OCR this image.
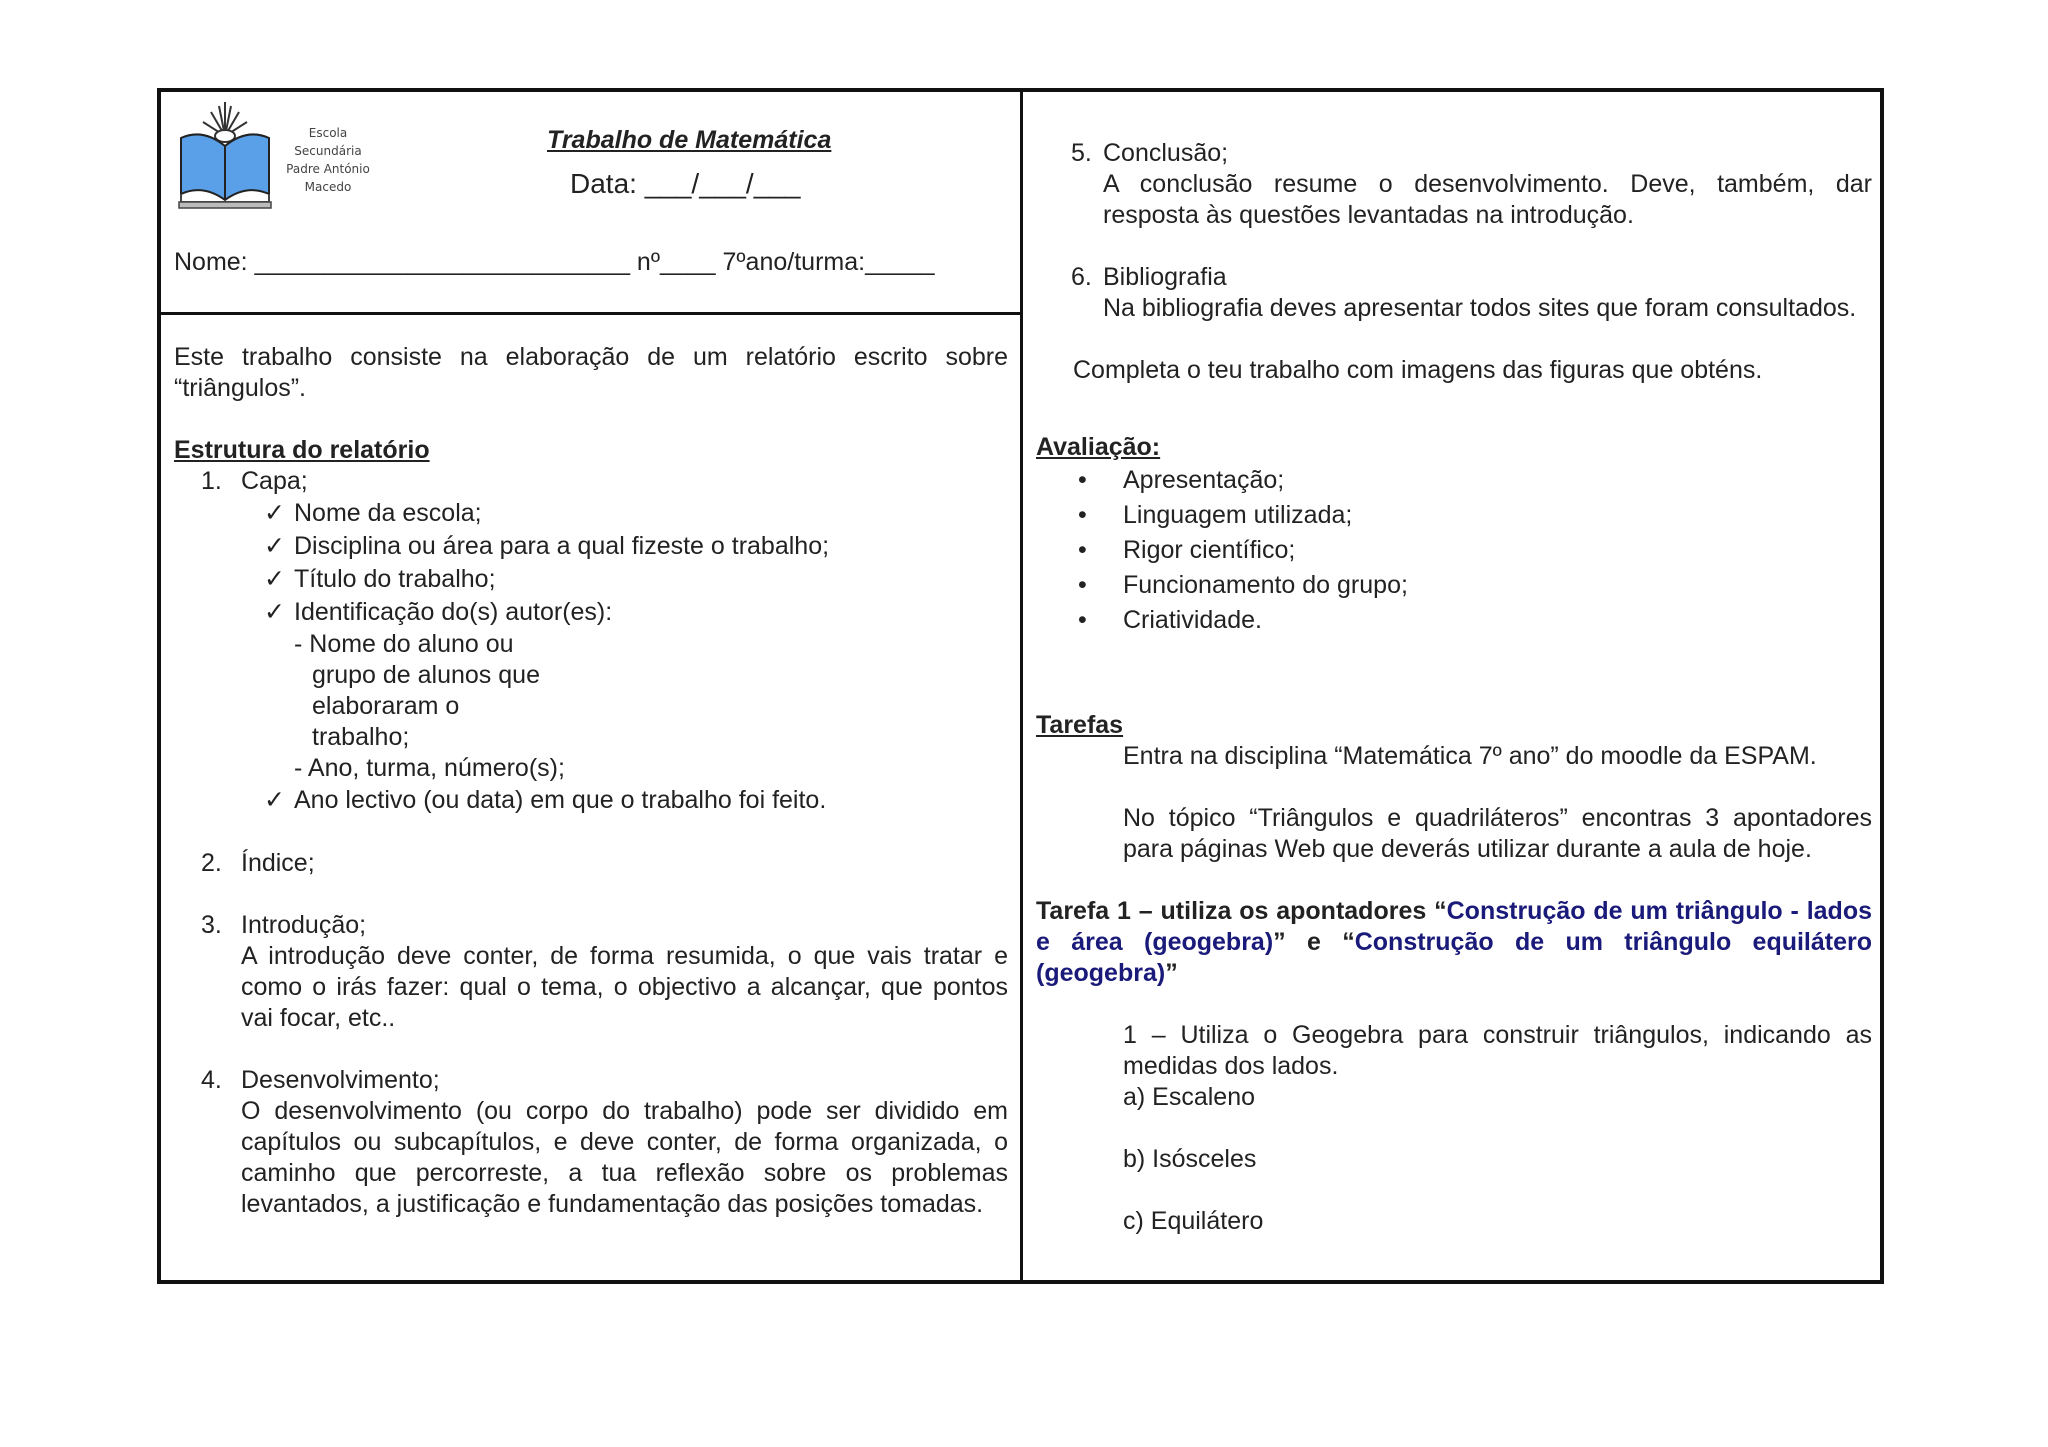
Escola
Secundária
Padre António
Macedo
Trabalho de Matemática
Data: ___/___/___
Nome: ___________________________ nº____ 7ºano/turma:_____

Este trabalho consiste na elaboração de um relatório escrito sobre “triângulos”.

Estrutura do relatório

1. Capa;
✓ Nome da escola;
✓ Disciplina ou área para a qual fizeste o trabalho;
✓ Título do trabalho;
✓ Identificação do(s) autor(es):
- Nome do aluno ou
grupo de alunos que
elaboraram o
trabalho;
- Ano, turma, número(s);
✓ Ano lectivo (ou data) em que o trabalho foi feito.
2. Índice;
3. Introdução;

A introdução deve conter, de forma resumida, o que vais tratar e como o irás fazer: qual o tema, o objectivo a alcançar, que pontos vai focar, etc..

4. Desenvolvimento;

O desenvolvimento (ou corpo do trabalho) pode ser dividido em capítulos ou subcapítulos, e deve conter, de forma organizada, o caminho que percorreste, a tua reflexão sobre os problemas levantados, a justificação e fundamentação das posições tomadas.

5. Conclusão;

A conclusão resume o desenvolvimento. Deve, também, dar resposta às questões levantadas na introdução.

6. Bibliografia

Na bibliografia deves apresentar todos sites que foram consultados.

Completa o teu trabalho com imagens das figuras que obténs.

Avaliação:

• Apresentação;
• Linguagem utilizada;
• Rigor científico;
• Funcionamento do grupo;
• Criatividade.

Tarefas

Entra na disciplina “Matemática 7º ano” do moodle da ESPAM.

No tópico “Triângulos e quadriláteros” encontras 3 apontadores para páginas Web que deverás utilizar durante a aula de hoje.

Tarefa 1 – utiliza os apontadores “Construção de um triângulo - lados e área (geogebra)” e “Construção de um triângulo equilátero (geogebra)”

1 – Utiliza o Geogebra para construir triângulos, indicando as medidas dos lados.

a) Escaleno

b) Isósceles

c) Equilátero
